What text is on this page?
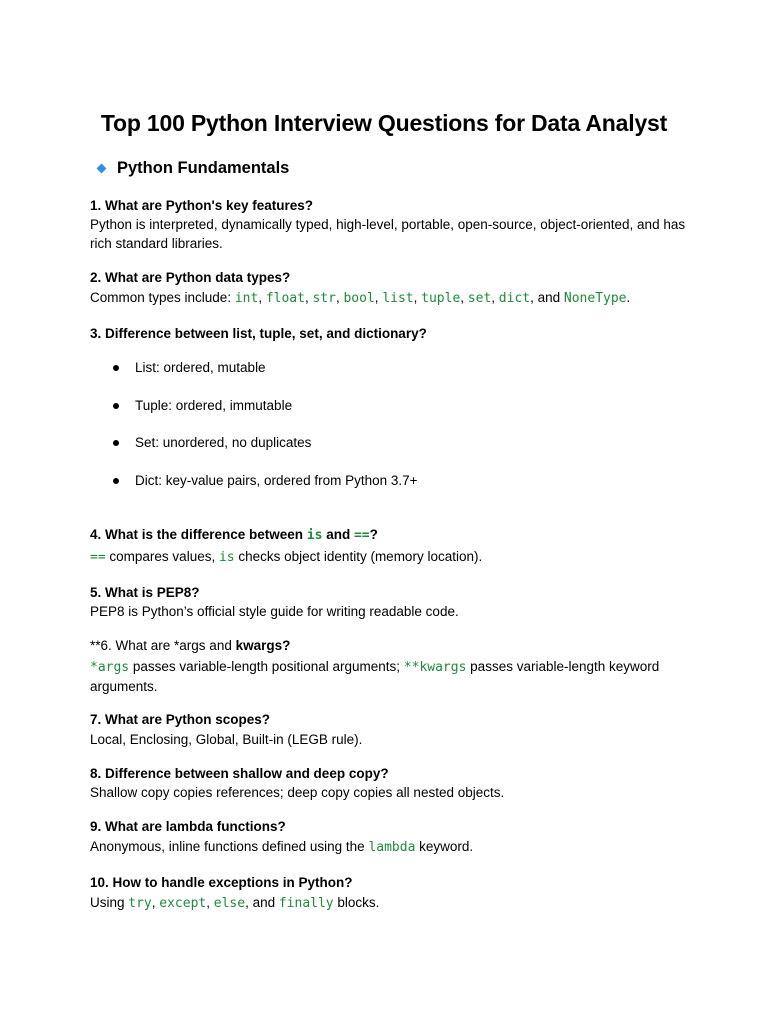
Top 100 Python Interview Questions for Data Analyst
Python Fundamentals
1. What are Python's key features?
Python is interpreted, dynamically typed, high-level, portable, open-source, object-oriented, and has rich standard libraries.
2. What are Python data types?
Common types include: int, float, str, bool, list, tuple, set, dict, and NoneType.
3. Difference between list, tuple, set, and dictionary?
List: ordered, mutable
Tuple: ordered, immutable
Set: unordered, no duplicates
Dict: key-value pairs, ordered from Python 3.7+
4. What is the difference between is and ==?
== compares values, is checks object identity (memory location).
5. What is PEP8?
PEP8 is Python’s official style guide for writing readable code.
**6. What are *args and kwargs?
*args passes variable-length positional arguments; **kwargs passes variable-length keyword arguments.
7. What are Python scopes?
Local, Enclosing, Global, Built-in (LEGB rule).
8. Difference between shallow and deep copy?
Shallow copy copies references; deep copy copies all nested objects.
9. What are lambda functions?
Anonymous, inline functions defined using the lambda keyword.
10. How to handle exceptions in Python?
Using try, except, else, and finally blocks.
